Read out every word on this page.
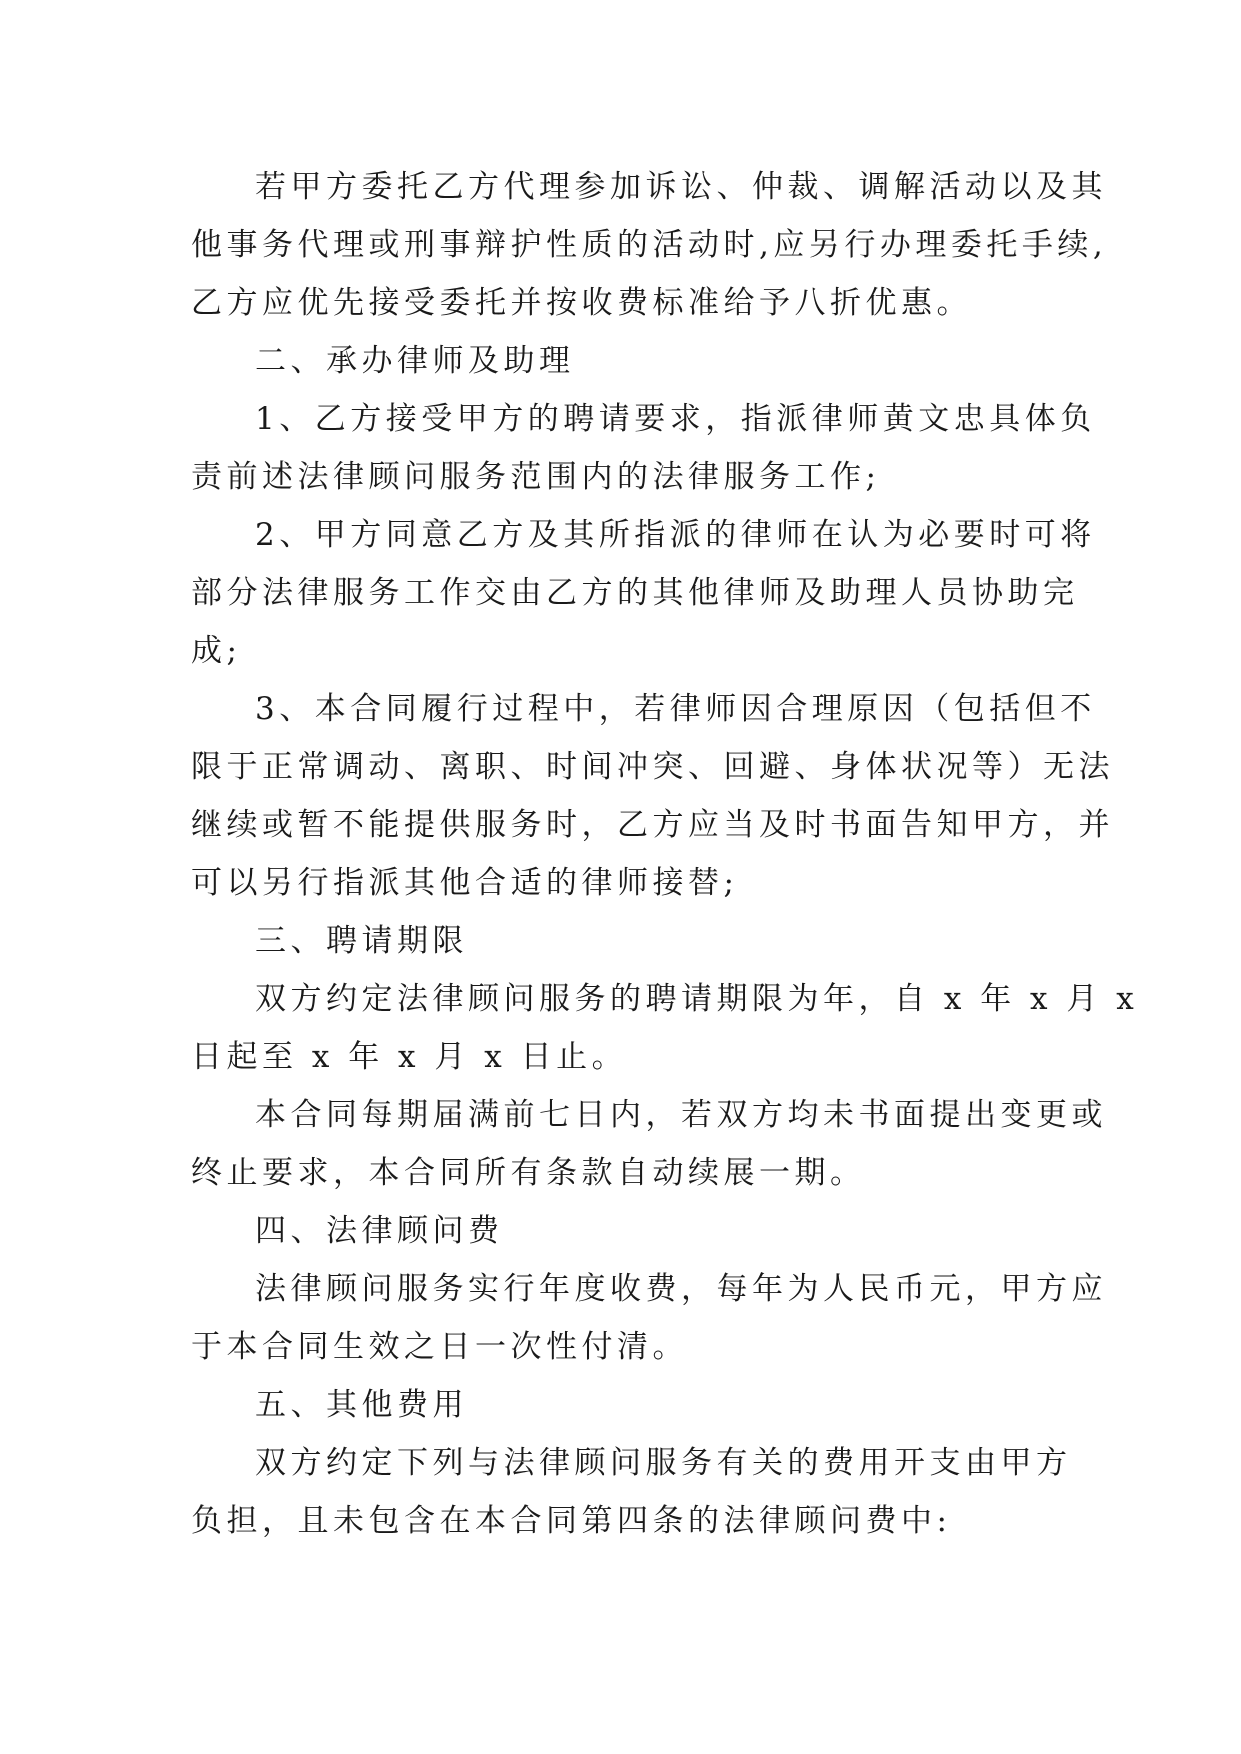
若甲方委托乙方代理参加诉讼、仲裁、调解活动以及其
他事务代理或刑事辩护性质的活动时,应另行办理委托手续,
乙方应优先接受委托并按收费标准给予八折优惠。
二、承办律师及助理
1、乙方接受甲方的聘请要求，指派律师黄文忠具体负
责前述法律顾问服务范围内的法律服务工作;
2、甲方同意乙方及其所指派的律师在认为必要时可将
部分法律服务工作交由乙方的其他律师及助理人员协助完
成;
3、本合同履行过程中，若律师因合理原因（包括但不
限于正常调动、离职、时间冲突、回避、身体状况等）无法
继续或暂不能提供服务时，乙方应当及时书面告知甲方，并
可以另行指派其他合适的律师接替;
三、聘请期限
双方约定法律顾问服务的聘请期限为年，自 x 年 x 月 x
日起至 x 年 x 月 x 日止。
本合同每期届满前七日内，若双方均未书面提出变更或
终止要求，本合同所有条款自动续展一期。
四、法律顾问费
法律顾问服务实行年度收费，每年为人民币元，甲方应
于本合同生效之日一次性付清。
五、其他费用
双方约定下列与法律顾问服务有关的费用开支由甲方
负担，且未包含在本合同第四条的法律顾问费中:
